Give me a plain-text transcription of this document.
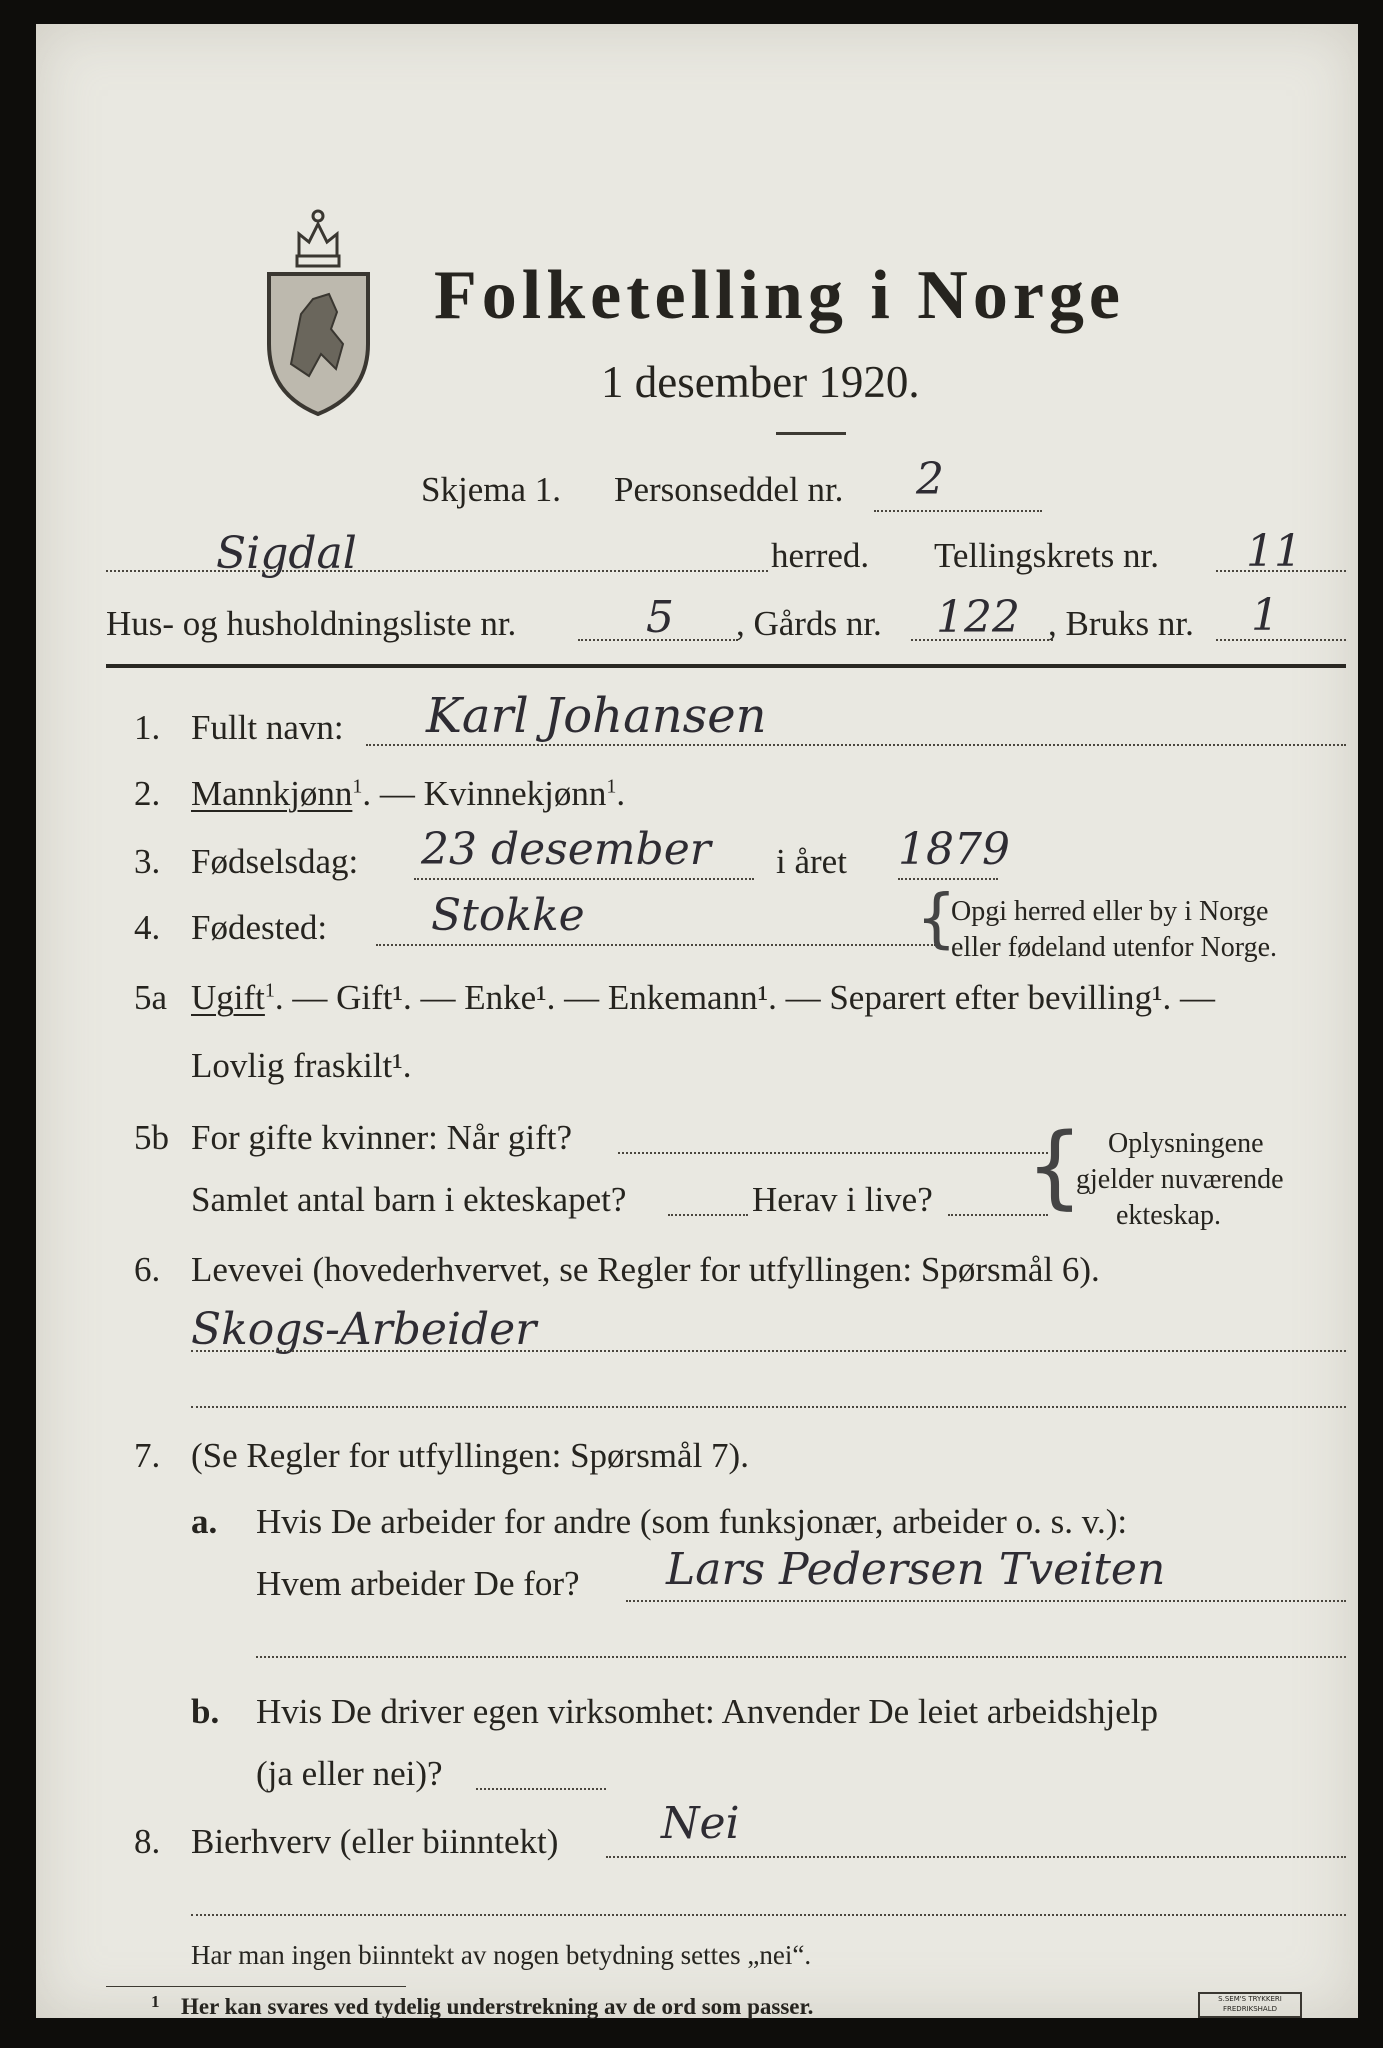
Folketelling i Norge
1 desember 1920.
Skjema 1. Personseddel nr. 2
Sigdal	herred. Tellingskrets nr. 11
Hus- og husholdningsliste nr.	5 , Gårds nr. 122 , Bruks nr. 1
1. Fullt navn: Karl Johansen
2. Mannkjønn$^1$. — Kvinnekjønn$^1$.
3. Fødselsdag: 23 desember i året 1879
4. Fødested: Stokke	{
Opgi herred eller by i Norge
eller fødeland utenfor Norge.
5a Ugift$^1$. — Gift¹. — Enke¹. — Enkemann¹. — Separert efter bevilling¹. —
Lovlig fraskilt¹.
5b For gifte kvinner: Når gift?
Samlet antal barn i ekteskapet?	Herav i live? { Oplysningene
gjelder nuværende
ekteskap.
6. Levevei (hovederhvervet, se Regler for utfyllingen: Spørsmål 6).
Skogs-Arbeider
7. (Se Regler for utfyllingen: Spørsmål 7).
a. Hvis De arbeider for andre (som funksjonær, arbeider o. s. v.):
Hvem arbeider De for? Lars Pedersen Tveiten
b. Hvis De driver egen virksomhet: Anvender De leiet arbeidshjelp
(ja eller nei)?
8. Bierhverv (eller biinntekt) Nei
Har man ingen biinntekt av nogen betydning settes „nei“.
1 Her kan svares ved tydelig understrekning av de ord som passer.	S.SEM'S TRYKKERI
FREDRIKSHALD
